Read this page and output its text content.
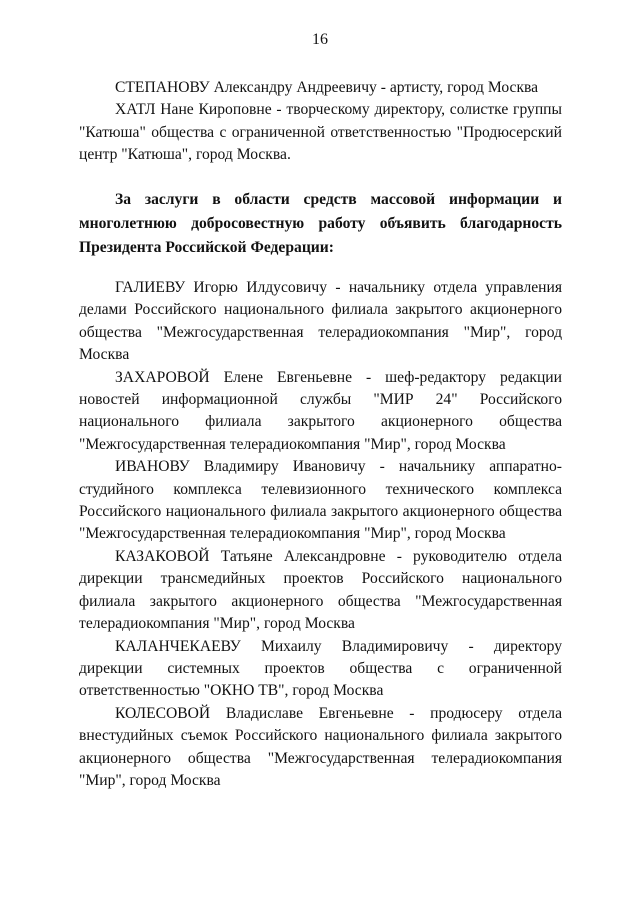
16

СТЕПАНОВУ Александру Андреевичу - артисту, город Москва

ХАТЛ Нане Кироповне - творческому директору, солистке группы "Катюша" общества с ограниченной ответственностью "Продюсерский центр "Катюша", город Москва.

За заслуги в области средств массовой информации и многолетнюю добросовестную работу объявить благодарность Президента Российской Федерации:

ГАЛИЕВУ Игорю Илдусовичу - начальнику отдела управления делами Российского национального филиала закрытого акционерного общества "Межгосударственная телерадиокомпания "Мир", город Москва

ЗАХАРОВОЙ Елене Евгеньевне - шеф-редактору редакции новостей информационной службы "МИР 24" Российского национального филиала закрытого акционерного общества "Межгосударственная телерадиокомпания "Мир", город Москва

ИВАНОВУ Владимиру Ивановичу - начальнику аппаратно-студийного комплекса телевизионного технического комплекса Российского национального филиала закрытого акционерного общества "Межгосударственная телерадиокомпания "Мир", город Москва

КАЗАКОВОЙ Татьяне Александровне - руководителю отдела дирекции трансмедийных проектов Российского национального филиала закрытого акционерного общества "Межгосударственная телерадиокомпания "Мир", город Москва

КАЛАНЧЕКАЕВУ Михаилу Владимировичу - директору дирекции системных проектов общества с ограниченной ответственностью "ОКНО ТВ", город Москва

КОЛЕСОВОЙ Владиславе Евгеньевне - продюсеру отдела внестудийных съемок Российского национального филиала закрытого акционерного общества "Межгосударственная телерадиокомпания "Мир", город Москва
